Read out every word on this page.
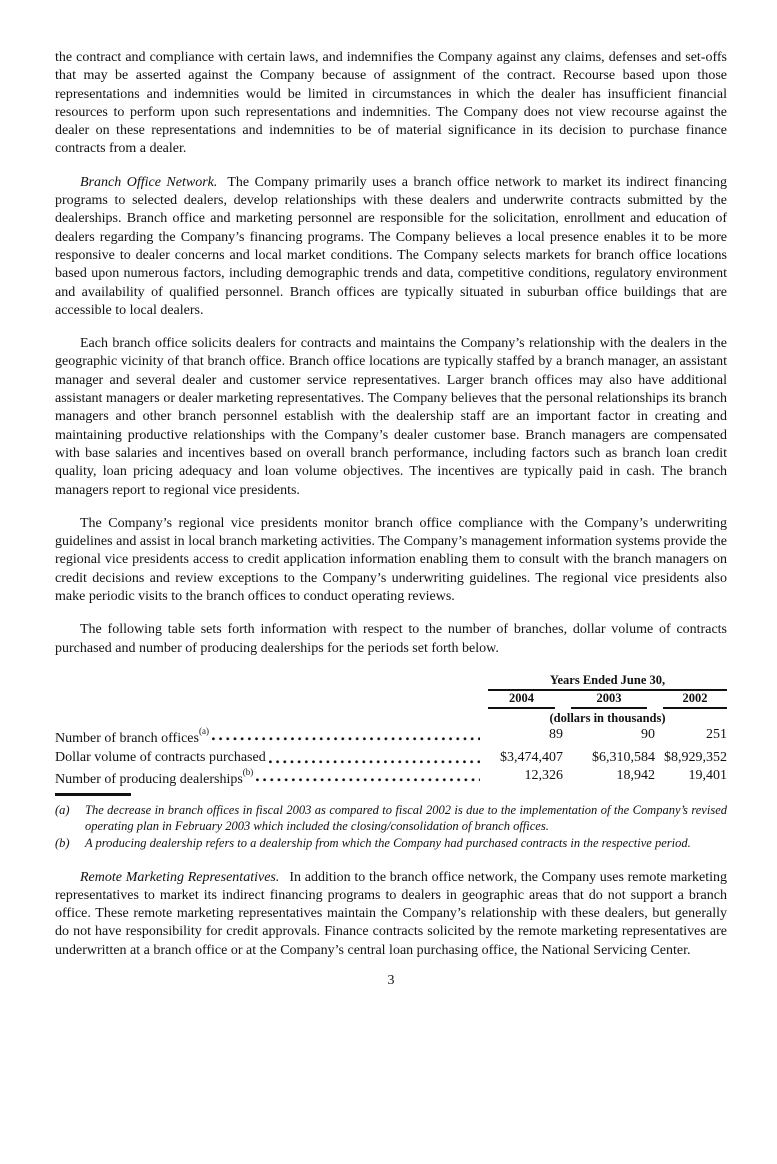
the contract and compliance with certain laws, and indemnifies the Company against any claims, defenses and set-offs that may be asserted against the Company because of assignment of the contract. Recourse based upon those representations and indemnities would be limited in circumstances in which the dealer has insufficient financial resources to perform upon such representations and indemnities. The Company does not view recourse against the dealer on these representations and indemnities to be of material significance in its decision to purchase finance contracts from a dealer.

Branch Office Network. The Company primarily uses a branch office network to market its indirect financing programs to selected dealers, develop relationships with these dealers and underwrite contracts submitted by the dealerships. Branch office and marketing personnel are responsible for the solicitation, enrollment and education of dealers regarding the Company’s financing programs. The Company believes a local presence enables it to be more responsive to dealer concerns and local market conditions. The Company selects markets for branch office locations based upon numerous factors, including demographic trends and data, competitive conditions, regulatory environment and availability of qualified personnel. Branch offices are typically situated in suburban office buildings that are accessible to local dealers.

Each branch office solicits dealers for contracts and maintains the Company’s relationship with the dealers in the geographic vicinity of that branch office. Branch office locations are typically staffed by a branch manager, an assistant manager and several dealer and customer service representatives. Larger branch offices may also have additional assistant managers or dealer marketing representatives. The Company believes that the personal relationships its branch managers and other branch personnel establish with the dealership staff are an important factor in creating and maintaining productive relationships with the Company’s dealer customer base. Branch managers are compensated with base salaries and incentives based on overall branch performance, including factors such as branch loan credit quality, loan pricing adequacy and loan volume objectives. The incentives are typically paid in cash. The branch managers report to regional vice presidents.

The Company’s regional vice presidents monitor branch office compliance with the Company’s underwriting guidelines and assist in local branch marketing activities. The Company’s management information systems provide the regional vice presidents access to credit application information enabling them to consult with the branch managers on credit decisions and review exceptions to the Company’s underwriting guidelines. The regional vice presidents also make periodic visits to the branch offices to conduct operating reviews.

The following table sets forth information with respect to the number of branches, dollar volume of contracts purchased and number of producing dealerships for the periods set forth below.

Years Ended June 30,
2004	2003	2002
(dollars in thousands)
Number of branch offices$^{(a)}$	89	90	251
Dollar volume of contracts purchased	$3,474,407	$6,310,584 $8,929,352
Number of producing dealerships$^{(b)}$	12,326	18,942	19,401
(a)	The decrease in branch offices in fiscal 2003 as compared to fiscal 2002 is due to the implementation of the Company’s revised operating plan in February 2003 which included the closing/consolidation of branch offices.
(b)	A producing dealership refers to a dealership from which the Company had purchased contracts in the respective period.

Remote Marketing Representatives. In addition to the branch office network, the Company uses remote marketing representatives to market its indirect financing programs to dealers in geographic areas that do not support a branch office. These remote marketing representatives maintain the Company’s relationship with these dealers, but generally do not have responsibility for credit approvals. Finance contracts solicited by the remote marketing representatives are underwritten at a branch office or at the Company’s central loan purchasing office, the National Servicing Center.

3
